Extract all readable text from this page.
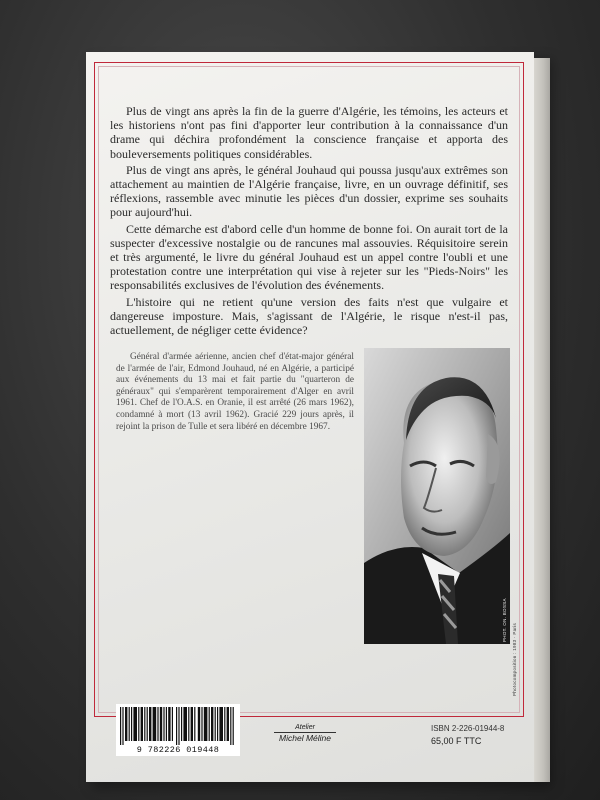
Plus de vingt ans après la fin de la guerre d'Algérie, les témoins, les acteurs et les historiens n'ont pas fini d'apporter leur contribution à la connaissance d'un drame qui déchira profondément la conscience française et apporta des bouleversements politiques considérables.

Plus de vingt ans après, le général Jouhaud qui poussa jusqu'aux extrêmes son attachement au maintien de l'Algérie française, livre, en un ouvrage définitif, ses réflexions, rassemble avec minutie les pièces d'un dossier, exprime ses souhaits pour aujourd'hui.

Cette démarche est d'abord celle d'un homme de bonne foi. On aurait tort de la suspecter d'excessive nostalgie ou de rancunes mal assouvies. Réquisitoire serein et très argumenté, le livre du général Jouhaud est un appel contre l'oubli et une protestation contre une interprétation qui vise à rejeter sur les "Pieds-Noirs" les responsabilités exclusives de l'évolution des événements.

L'histoire qui ne retient qu'une version des faits n'est que vulgaire et dangereuse imposture. Mais, s'agissant de l'Algérie, le risque n'est-il pas, actuellement, de négliger cette évidence?

Général d'armée aérienne, ancien chef d'état-major général de l'armée de l'air, Edmond Jouhaud, né en Algérie, a participé aux événements du 13 mai et fait partie du "quarteron de généraux" qui s'emparèrent temporairement d'Alger en avril 1961. Chef de l'O.A.S. en Oranie, il est arrêté (26 mars 1962), condamné à mort (13 avril 1962). Gracié 229 jours après, il rejoint la prison de Tulle et sera libéré en décembre 1967.

PHOT. ON. BOSSA
Photocomposition : 1983 · Paris
9 782226 019448
Atelier
Michel Méline
ISBN 2-226-01944-8
65,00 F TTC
